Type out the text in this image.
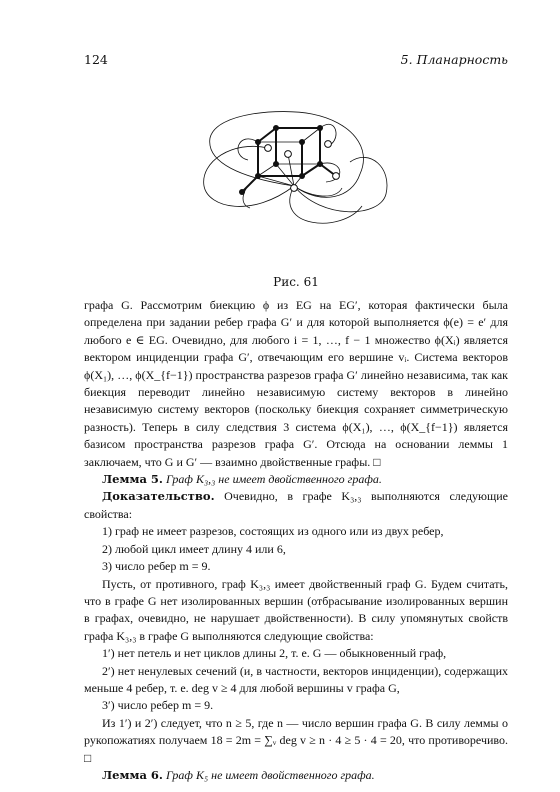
124	5. Планарность
Рис. 61

графа G. Рассмотрим биекцию ϕ из EG на EG′, которая фактически была определена при задании ребер графа G′ и для которой выполняется ϕ(e) = e′ для любого e ∈ EG. Очевидно, для любого i = 1, …, f − 1 множество ϕ(Xᵢ) является вектором инциденции графа G′, отвечающим его вершине vᵢ. Система векторов ϕ(X₁), …, ϕ(X_{f−1}) пространства разрезов графа G′ линейно независима, так как биекция переводит линейно независимую систему векторов в линейно независимую систему векторов (поскольку биекция сохраняет симметрическую разность). Теперь в силу следствия 3 система ϕ(X₁), …, ϕ(X_{f−1}) является базисом пространства разрезов графа G′. Отсюда на основании леммы 1 заключаем, что G и G′ — взаимно двойственные графы. □

Лемма 5. Граф K₃,₃ не имеет двойственного графа.

Доказательство. Очевидно, в графе K₃,₃ выполняются следующие свойства:

1) граф не имеет разрезов, состоящих из одного или из двух ребер,

2) любой цикл имеет длину 4 или 6,

3) число ребер m = 9.

Пусть, от противного, граф K₃,₃ имеет двойственный граф G. Будем считать, что в графе G нет изолированных вершин (отбрасывание изолированных вершин в графах, очевидно, не нарушает двойственности). В силу упомянутых свойств графа K₃,₃ в графе G выполняются следующие свойства:

1′) нет петель и нет циклов длины 2, т. е. G — обыкновенный граф,

2′) нет ненулевых сечений (и, в частности, векторов инциденции), содержащих меньше 4 ребер, т. е. deg v ≥ 4 для любой вершины v графа G,

3′) число ребер m = 9.

Из 1′) и 2′) следует, что n ≥ 5, где n — число вершин графа G. В силу леммы о рукопожатиях получаем 18 = 2m = ∑ᵥ deg v ≥ n · 4 ≥ 5 · 4 = 20, что противоречиво. □

Лемма 6. Граф K₅ не имеет двойственного графа.
